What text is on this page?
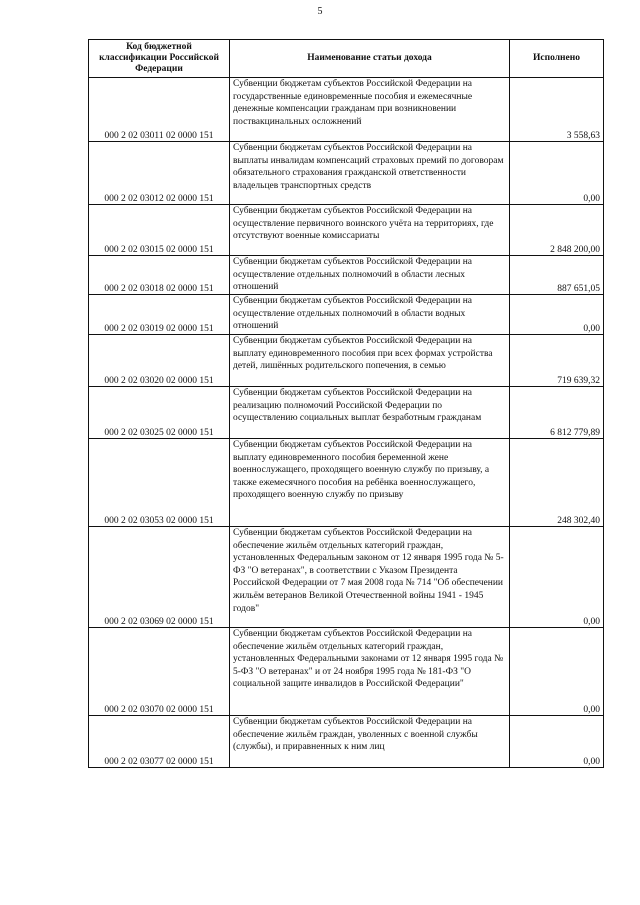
5
Код бюджетной классификации Российской Федерации	Наименование статьи дохода	Исполнено
000 2 02 03011 02 0000 151	Субвенции бюджетам субъектов Российской Федерации на государственные единовременные пособия и ежемесячные денежные компенсации гражданам при возникновении поствакцинальных осложнений	3 558,63
000 2 02 03012 02 0000 151	Субвенции бюджетам субъектов Российской Федерации на выплаты инвалидам компенсаций страховых премий по договорам обязательного страхования гражданской ответственности владельцев транспортных средств	0,00
000 2 02 03015 02 0000 151	Субвенции бюджетам субъектов Российской Федерации на осуществление первичного воинского учёта на территориях, где отсутствуют военные комиссариаты	2 848 200,00
000 2 02 03018 02 0000 151	Субвенции бюджетам субъектов Российской Федерации на осуществление отдельных полномочий в области лесных отношений	887 651,05
000 2 02 03019 02 0000 151	Субвенции бюджетам субъектов Российской Федерации на осуществление отдельных полномочий в области водных отношений	0,00
000 2 02 03020 02 0000 151	Субвенции бюджетам субъектов Российской Федерации на выплату единовременного пособия при всех формах устройства детей, лишённых родительского попечения, в семью	719 639,32
000 2 02 03025 02 0000 151	Субвенции бюджетам субъектов Российской Федерации на реализацию полномочий Российской Федерации по осуществлению социальных выплат безработным гражданам	6 812 779,89
000 2 02 03053 02 0000 151	Субвенции бюджетам субъектов Российской Федерации на выплату единовременного пособия беременной жене военнослужащего, проходящего военную службу по призыву, а также ежемесячного пособия на ребёнка военнослужащего, проходящего военную службу по призыву	248 302,40
000 2 02 03069 02 0000 151	Субвенции бюджетам субъектов Российской Федерации на обеспечение жильём отдельных категорий граждан, установленных Федеральным законом от 12 января 1995 года № 5-ФЗ "О ветеранах", в соответствии с Указом Президента Российской Федерации от 7 мая 2008 года № 714 "Об обеспечении жильём ветеранов Великой Отечественной войны 1941 - 1945 годов"	0,00
000 2 02 03070 02 0000 151	Субвенции бюджетам субъектов Российской Федерации на обеспечение жильём отдельных категорий граждан, установленных Федеральными законами от 12 января 1995 года № 5-ФЗ "О ветеранах" и от 24 ноября 1995 года № 181-ФЗ "О социальной защите инвалидов в Российской Федерации"	0,00
000 2 02 03077 02 0000 151	Субвенции бюджетам субъектов Российской Федерации на обеспечение жильём граждан, уволенных с военной службы (службы), и приравненных к ним лиц	0,00
